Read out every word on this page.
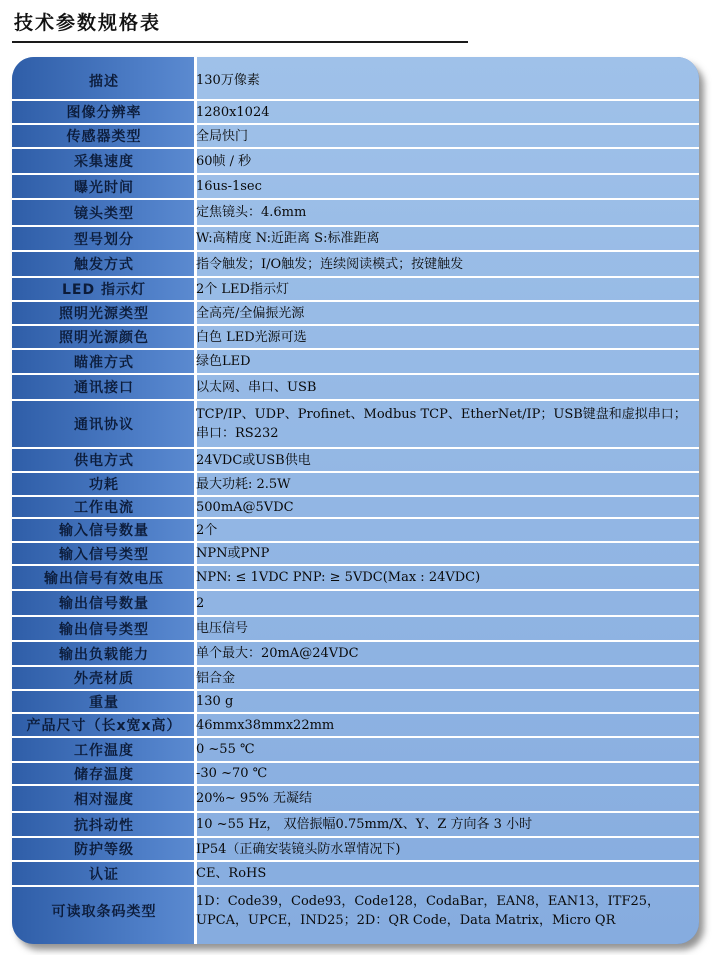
技术参数规格表
描述	130万像素
图像分辨率	1280x1024
传感器类型	全局快门
采集速度	60帧 / 秒
曝光时间	16us-1sec
镜头类型	定焦镜头：4.6mm
型号划分	W:高精度 N:近距离 S:标准距离
触发方式	指令触发；I/O触发；连续阅读模式；按键触发
LED 指示灯	2个 LED指示灯
照明光源类型	全高亮/全偏振光源
照明光源颜色	白色 LED光源可选
瞄准方式	绿色LED
通讯接口	以太网、串口、USB
通讯协议	TCP/IP、UDP、Profinet、Modbus TCP、EtherNet/IP；USB键盘和虚拟串口；串口：RS232
供电方式	24VDC或USB供电
功耗	最大功耗: 2.5W
工作电流	500mA@5VDC
输入信号数量	2个
输入信号类型	NPN或PNP
输出信号有效电压	NPN: ≤ 1VDC PNP: ≥ 5VDC(Max : 24VDC)
输出信号数量	2
输出信号类型	电压信号
输出负载能力	单个最大：20mA@24VDC
外壳材质	铝合金
重量	130 g
产品尺寸（长x宽x高）	46mmx38mmx22mm
工作温度	0 ~55 ℃
储存温度	-30 ~70 ℃
相对湿度	20%~ 95% 无凝结
抗抖动性	10 ~55 Hz， 双倍振幅0.75mm/X、Y、Z 方向各 3 小时
防护等级	IP54（正确安装镜头防水罩情况下)
认证	CE、RoHS
可读取条码类型	1D：Code39，Code93，Code128，CodaBar，EAN8，EAN13，ITF25，UPCA，UPCE，IND25；2D：QR Code，Data Matrix，Micro QR
